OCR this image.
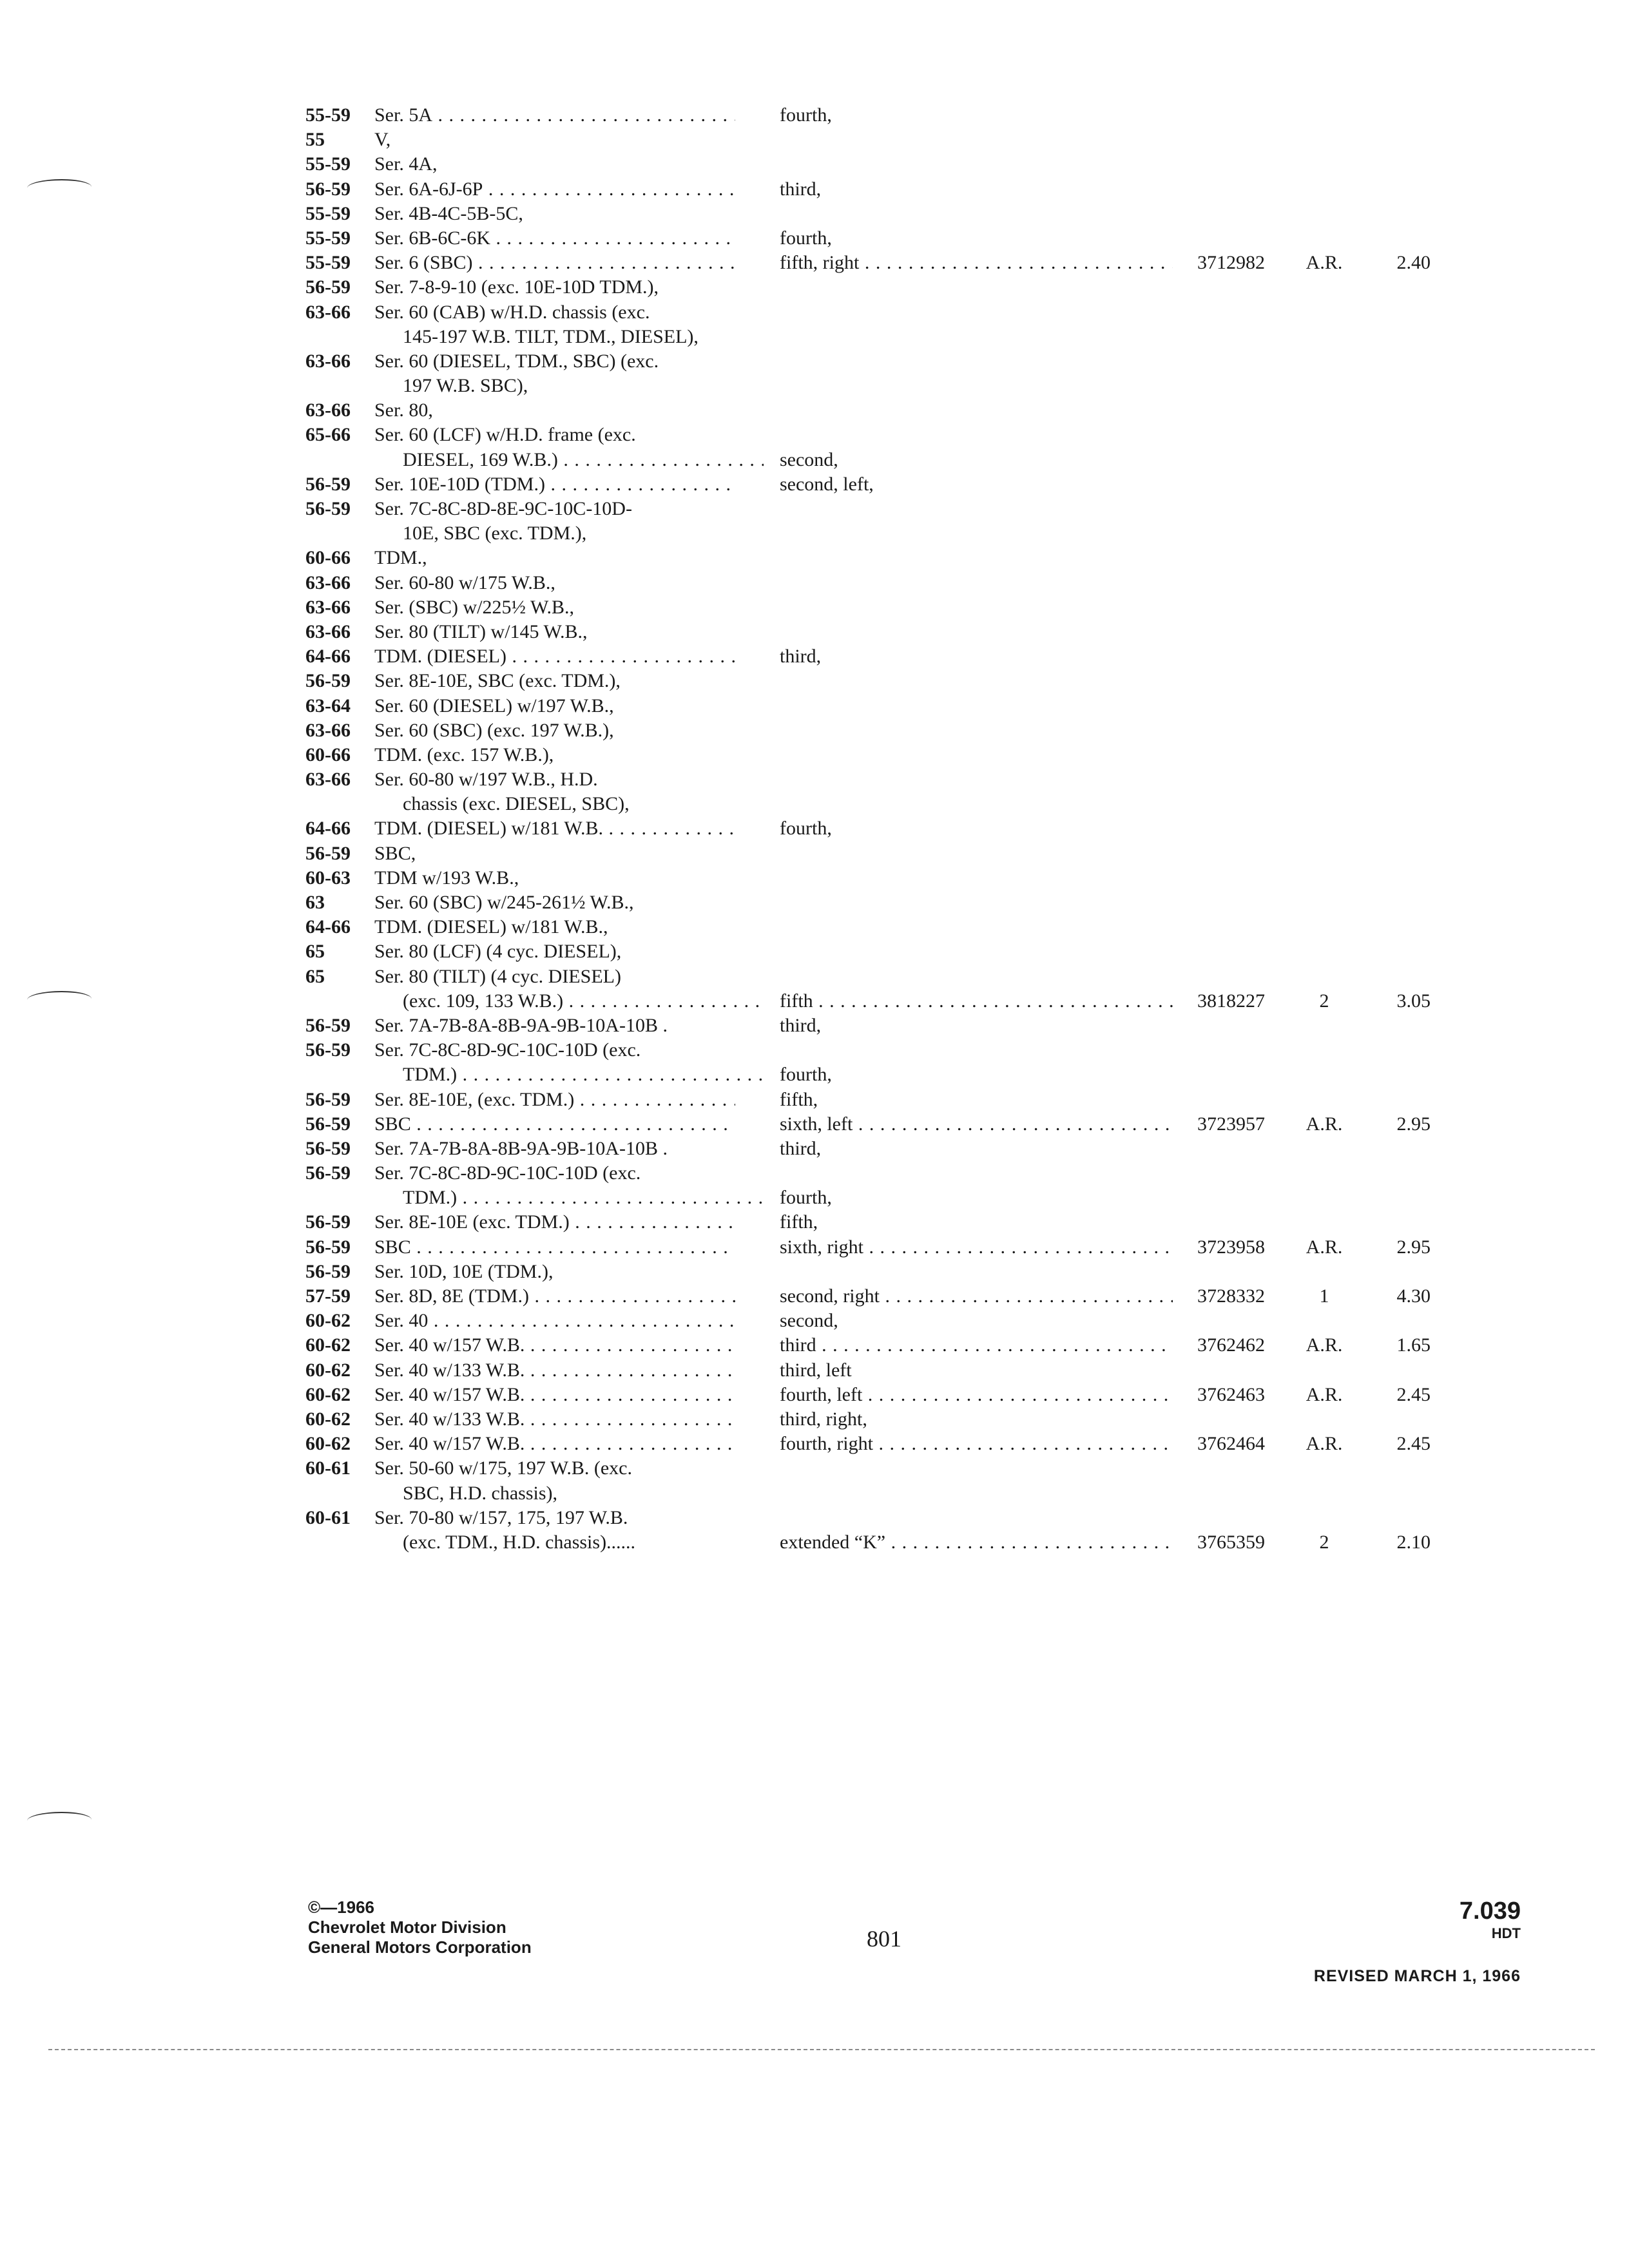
55-59 Ser. 5A . . .	fourth,
55	V,
55-59 Ser. 4A,
56-59 Ser. 6A-6J-6P . . .	third,
55-59 Ser. 4B-4C-5B-5C,
55-59 Ser. 6B-6C-6K . . .	fourth,
55-59 Ser. 6 (SBC) . . .	fifth, right . . .	3712982	A.R.	2.40
56-59 Ser. 7-8-9-10 (exc. 10E-10D TDM.),
63-66 Ser. 60 (CAB) w/H.D. chassis (exc.
145-197 W.B. TILT, TDM., DIESEL),
63-66 Ser. 60 (DIESEL, TDM., SBC) (exc.
197 W.B. SBC),
63-66 Ser. 80,
65-66 Ser. 60 (LCF) w/H.D. frame (exc.
DIESEL, 169 W.B.) . . .	second,
56-59 Ser. 10E-10D (TDM.) . . .	second, left,
56-59 Ser. 7C-8C-8D-8E-9C-10C-10D-
10E, SBC (exc. TDM.),
60-66 TDM.,
63-66 Ser. 60-80 w/175 W.B.,
63-66 Ser. (SBC) w/225½ W.B.,
63-66 Ser. 80 (TILT) w/145 W.B.,
64-66 TDM. (DIESEL) . . .	third,
56-59 Ser. 8E-10E, SBC (exc. TDM.),
63-64 Ser. 60 (DIESEL) w/197 W.B.,
63-66 Ser. 60 (SBC) (exc. 197 W.B.),
60-66 TDM. (exc. 157 W.B.),
63-66 Ser. 60-80 w/197 W.B., H.D.
chassis (exc. DIESEL, SBC),
64-66 TDM. (DIESEL) w/181 W.B. . . .	fourth,
56-59 SBC,
60-63 TDM w/193 W.B.,
63	Ser. 60 (SBC) w/245-261½ W.B.,
64-66 TDM. (DIESEL) w/181 W.B.,
65	Ser. 80 (LCF) (4 cyc. DIESEL),
65	Ser. 80 (TILT) (4 cyc. DIESEL)
(exc. 109, 133 W.B.) . . .	fifth . . .	3818227	2	3.05
56-59 Ser. 7A-7B-8A-8B-9A-9B-10A-10B .	third,
56-59 Ser. 7C-8C-8D-9C-10C-10D (exc.
TDM.) . . .	fourth,
56-59 Ser. 8E-10E, (exc. TDM.) . . .	fifth,
56-59 SBC . . .	sixth, left . . .	3723957	A.R.	2.95
56-59 Ser. 7A-7B-8A-8B-9A-9B-10A-10B .	third,
56-59 Ser. 7C-8C-8D-9C-10C-10D (exc.
TDM.) . . .	fourth,
56-59 Ser. 8E-10E (exc. TDM.) . . .	fifth,
56-59 SBC . . .	sixth, right . . .	3723958	A.R.	2.95
56-59 Ser. 10D, 10E (TDM.),
57-59 Ser. 8D, 8E (TDM.) . . .	second, right . . .	3728332	1	4.30
60-62 Ser. 40 . . .	second,
60-62 Ser. 40 w/157 W.B. . . .	third . . .	3762462	A.R.	1.65
60-62 Ser. 40 w/133 W.B. . . .	third, left
60-62 Ser. 40 w/157 W.B. . . .	fourth, left . . .	3762463	A.R.	2.45
60-62 Ser. 40 w/133 W.B. . . .	third, right,
60-62 Ser. 40 w/157 W.B. . . .	fourth, right . . .	3762464	A.R.	2.45
60-61 Ser. 50-60 w/175, 197 W.B. (exc.
SBC, H.D. chassis),
60-61 Ser. 70-80 w/157, 175, 197 W.B.
(exc. TDM., H.D. chassis)......	extended “K” . . .	3765359	2	2.10
©—1966
Chevrolet Motor Division
General Motors Corporation	801
7.039
HDT
REVISED MARCH 1, 1966
